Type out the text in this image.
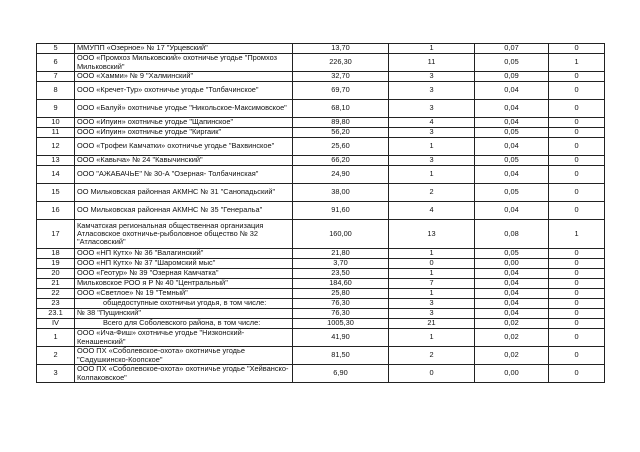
5	ММУПП «Озерное» № 17 "Урцевский"	13,70	1	0,07	0
6	ООО «Промхоз Мильковский» охотничье угодье "Промхоз Мильковский"	226,30	11	0,05	1
7	ООО «Хамми» № 9 "Халминский"	32,70	3	0,09	0
8	ООО «Кречет-Тур» охотничье угодье "Толбачинское"	69,70	3	0,04	0
9	ООО «Балуй» охотничье угодье "Никольское-Максимовское"	68,10	3	0,04	0
10	ООО «Ипуин» охотничье угодье "Щапинское"	89,80	4	0,04	0
11	ООО «Ипуин» охотничье угодье "Киргаик"	56,20	3	0,05	0
12	ООО «Трофеи Камчатки» охотничье угодье "Вахвинское"	25,60	1	0,04	0
13	ООО «Кавыча» № 24 "Кавычинский"	66,20	3	0,05	0
14	ООО "АЖАБАЧЬЕ" № 30-А "Озерная- Толбачинская"	24,90	1	0,04	0
15	ОО Мильковская районная АКМНС № 31 "Санопадьский"	38,00	2	0,05	0
16	ОО Мильковская районная АКМНС № 35 "Генеральа"	91,60	4	0,04	0
17	Камчатская региональная общественная организация Атласовское охотничье-рыболовное общество № 32 "Атласовский"	160,00	13	0,08	1
18	ООО «НП Кутх» № 36 "Валагинский"	21,80	1	0,05	0
19	ООО «НП Кутх» № 37 "Шаромский мыс"	3,70	0	0,00	0
20	ООО «Геотур» № 39 "Озерная Камчатка"	23,50	1	0,04	0
21	Мильковское РОО я Р № 40 "Центральный"	184,60	7	0,04	0
22	ООО «Светлое» № 19 "Темный"	25,80	1	0,04	0
23	общедоступные охотничьи угодья, в том числе:	76,30	3	0,04	0
23.1	№ 38 "Пущинский"	76,30	3	0,04	0
IV	Всего для Соболевского района, в том числе:	1005,30	21	0,02	0
1	ООО «Ича-Фиш» охотничье угодье "Низконский-Кенашенский"	41,90	1	0,02	0
2	ООО ПХ «Соболевское-охота» охотничье угодье "Садушкинско-Коопское"	81,50	2	0,02	0
3	ООО ПХ «Соболевское-охота» охотничье угодье "Хейванско-Колпаковское"	6,90	0	0,00	0
